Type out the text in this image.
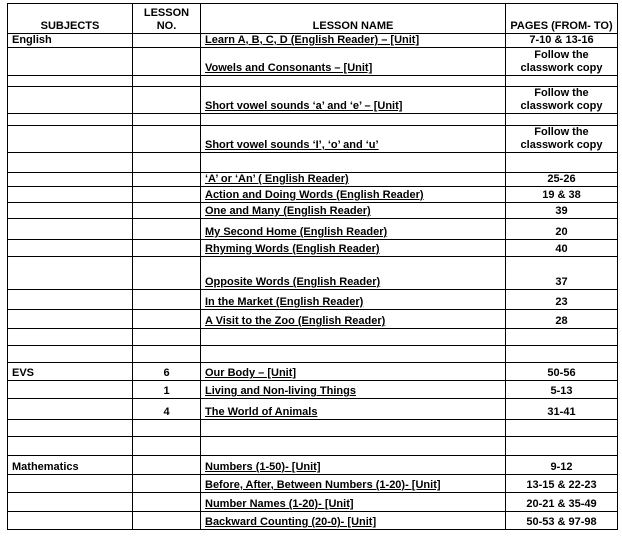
SUBJECTS	LESSON NO.	LESSON NAME	PAGES (FROM- TO)
English		Learn A, B, C, D (English Reader) – [Unit]	7-10 & 13-16
		Vowels and Consonants – [Unit]	Follow the classwork copy

		Short vowel sounds ‘a’ and ‘e’ – [Unit]	Follow the classwork copy

		Short vowel sounds ‘I’, ‘o’ and ‘u’	Follow the classwork copy

		‘A’ or ‘An’ ( English Reader)	25-26
		Action and Doing Words (English Reader)	19 & 38
		One and Many (English Reader)	39
		My Second Home (English Reader)	20
		Rhyming Words (English Reader)	40
		Opposite Words (English Reader)	37
		In the Market (English Reader)	23
		A Visit to the Zoo (English Reader)	28

EVS	6	Our Body – [Unit]	50-56
	1	Living and Non-living Things	5-13
	4	The World of Animals	31-41

Mathematics		Numbers (1-50)- [Unit]	9-12
		Before, After, Between Numbers (1-20)- [Unit]	13-15 & 22-23
		Number Names (1-20)- [Unit]	20-21 & 35-49
		Backward Counting (20-0)- [Unit]	50-53 & 97-98
